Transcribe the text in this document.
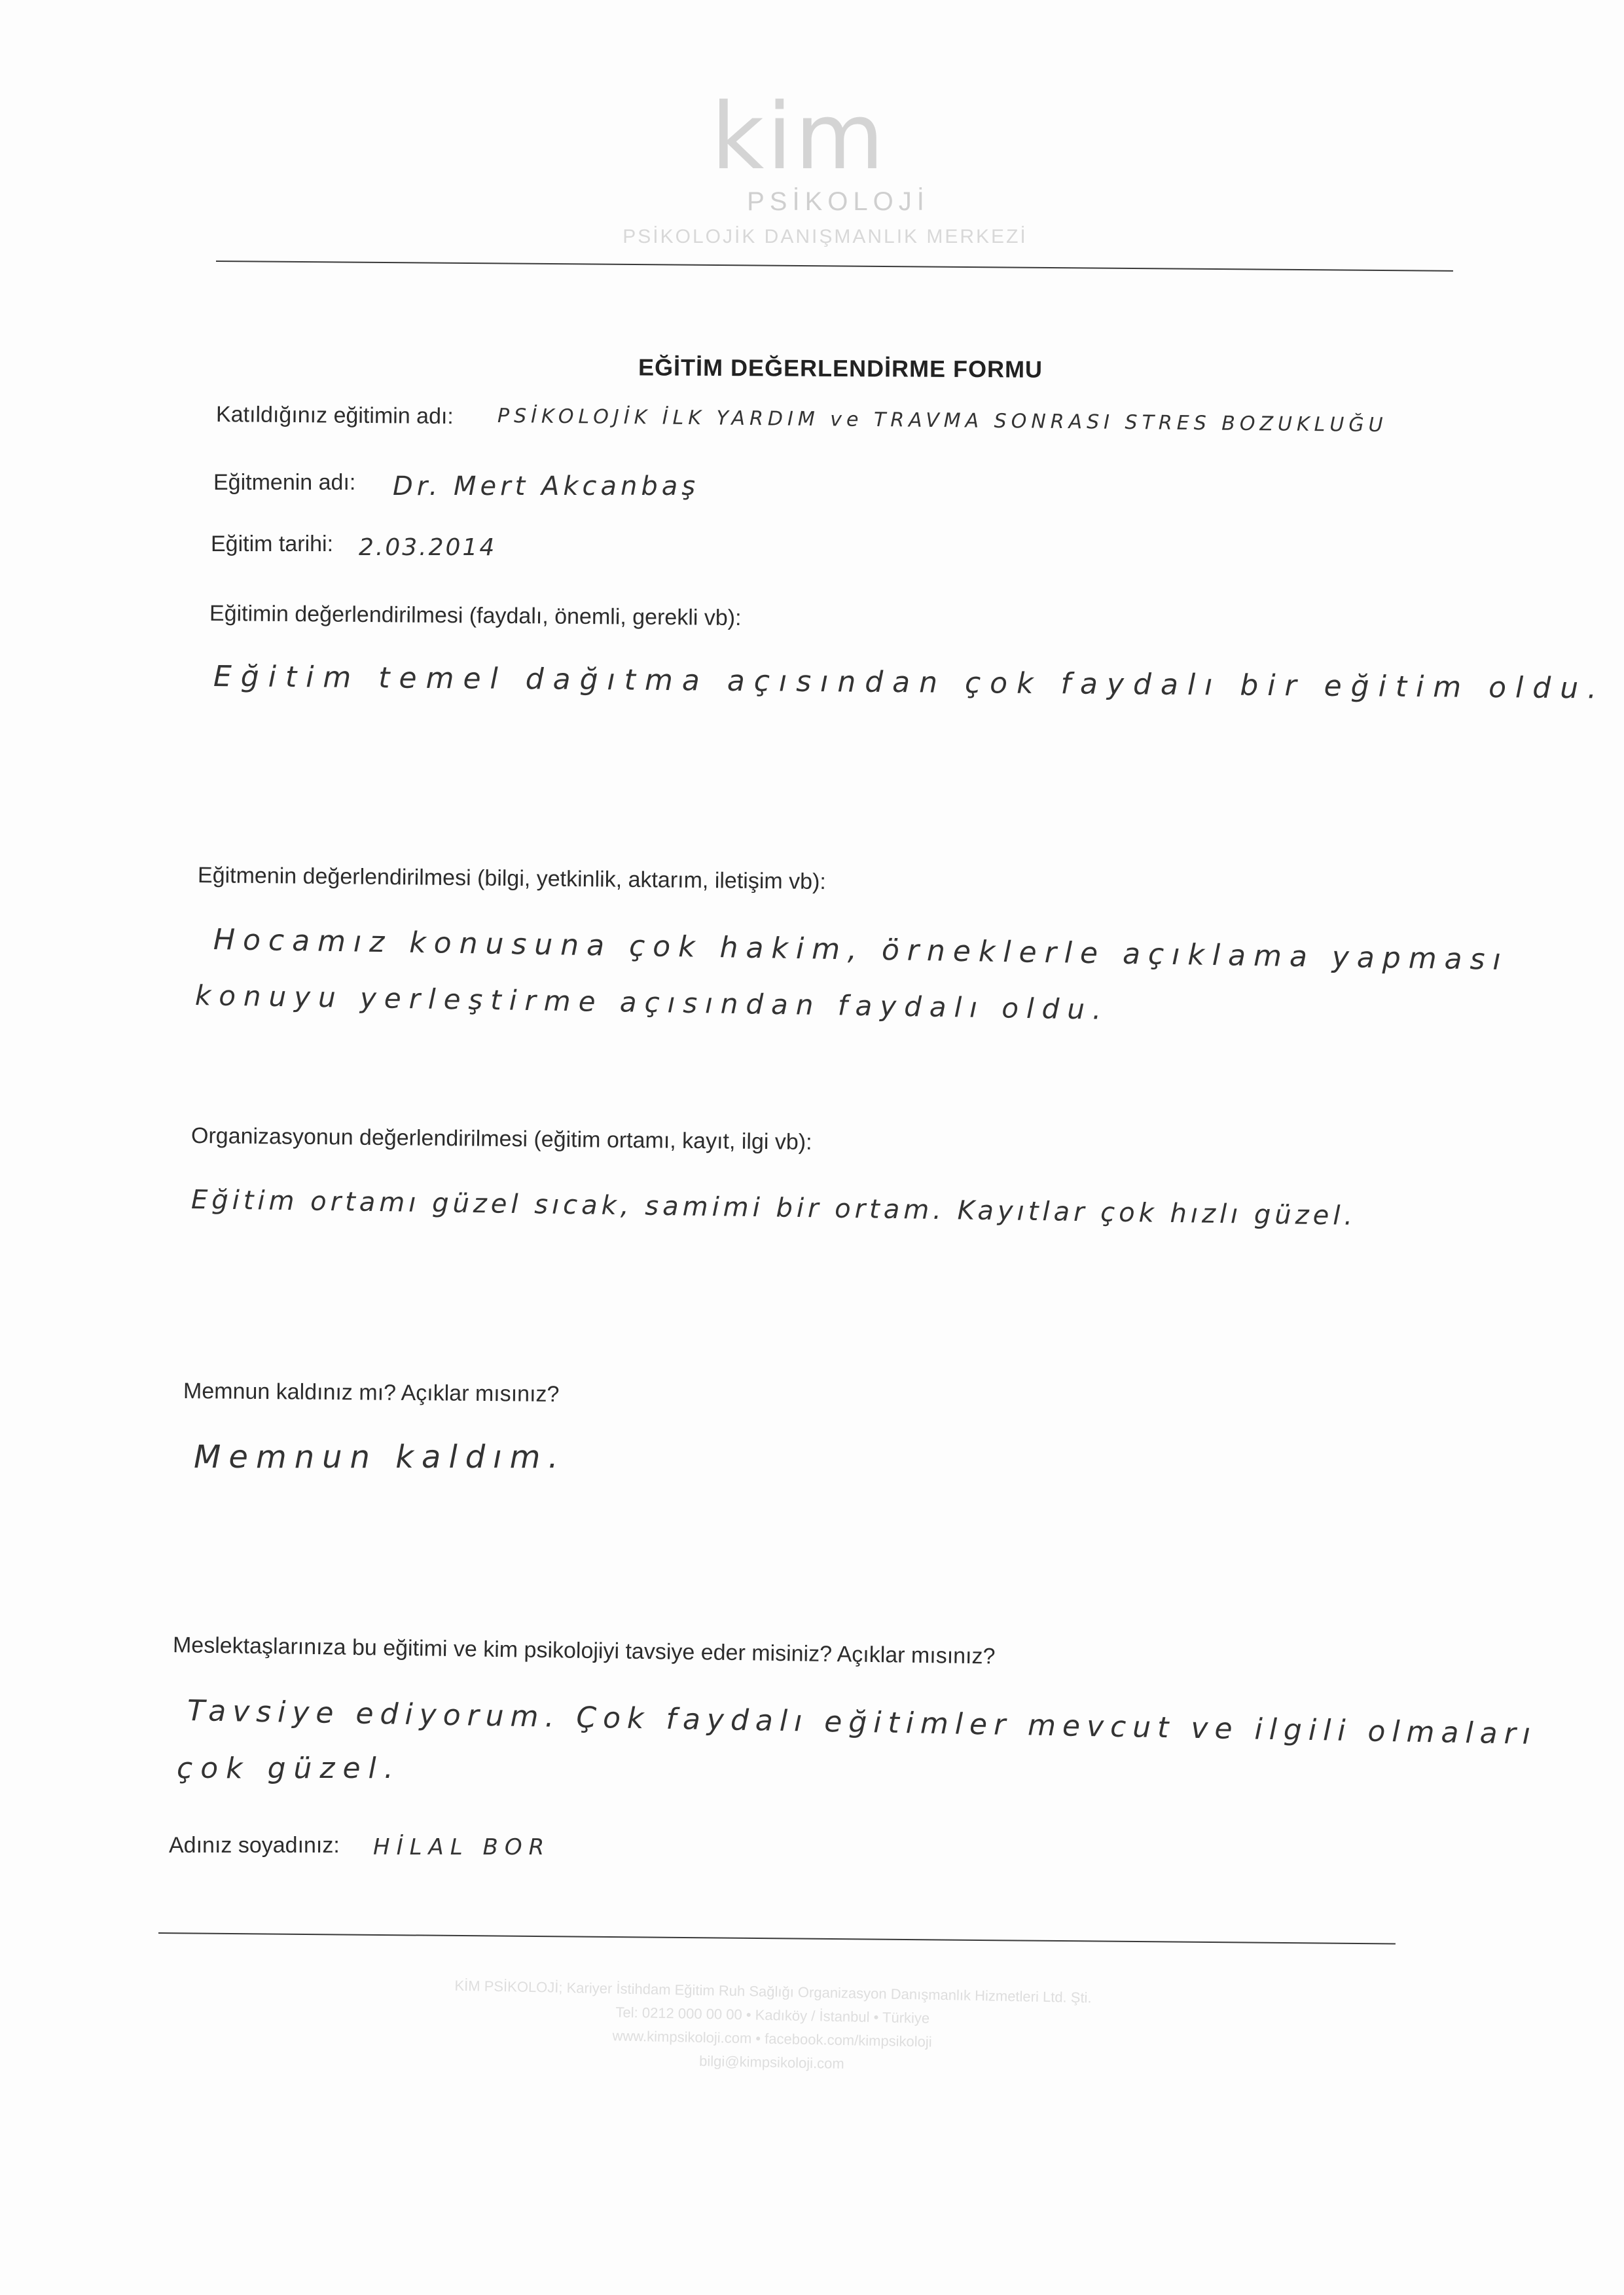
kim
PSİKOLOJİ
PSİKOLOJİK DANIŞMANLIK MERKEZİ
EĞİTİM DEĞERLENDİRME FORMU
Katıldığınız eğitimin adı: PSİKOLOJİK İLK YARDIM ve TRAVMA SONRASI STRES BOZUKLUĞU
Eğitmenin adı: Dr. Mert Akcanbaş
Eğitim tarihi: 2.03.2014
Eğitimin değerlendirilmesi (faydalı, önemli, gerekli vb):
Eğitim temel dağıtma açısından çok faydalı bir eğitim oldu.
Eğitmenin değerlendirilmesi (bilgi, yetkinlik, aktarım, iletişim vb):
Hocamız konusuna çok hakim, örneklerle açıklama yapması
konuyu yerleştirme açısından faydalı oldu.
Organizasyonun değerlendirilmesi (eğitim ortamı, kayıt, ilgi vb):
Eğitim ortamı güzel sıcak, samimi bir ortam. Kayıtlar çok hızlı güzel.
Memnun kaldınız mı? Açıklar mısınız?
Memnun kaldım.
Meslektaşlarınıza bu eğitimi ve kim psikolojiyi tavsiye eder misiniz? Açıklar mısınız?
Tavsiye ediyorum. Çok faydalı eğitimler mevcut ve ilgili olmaları
çok güzel.
Adınız soyadınız: HİLAL BOR
KİM PSİKOLOJİ; Kariyer İstihdam Eğitim Ruh Sağlığı Organizasyon Danışmanlık Hizmetleri Ltd. Şti.
Tel: 0212 000 00 00 • Kadıköy / İstanbul • Türkiye
www.kimpsikoloji.com • facebook.com/kimpsikoloji
bilgi@kimpsikoloji.com
